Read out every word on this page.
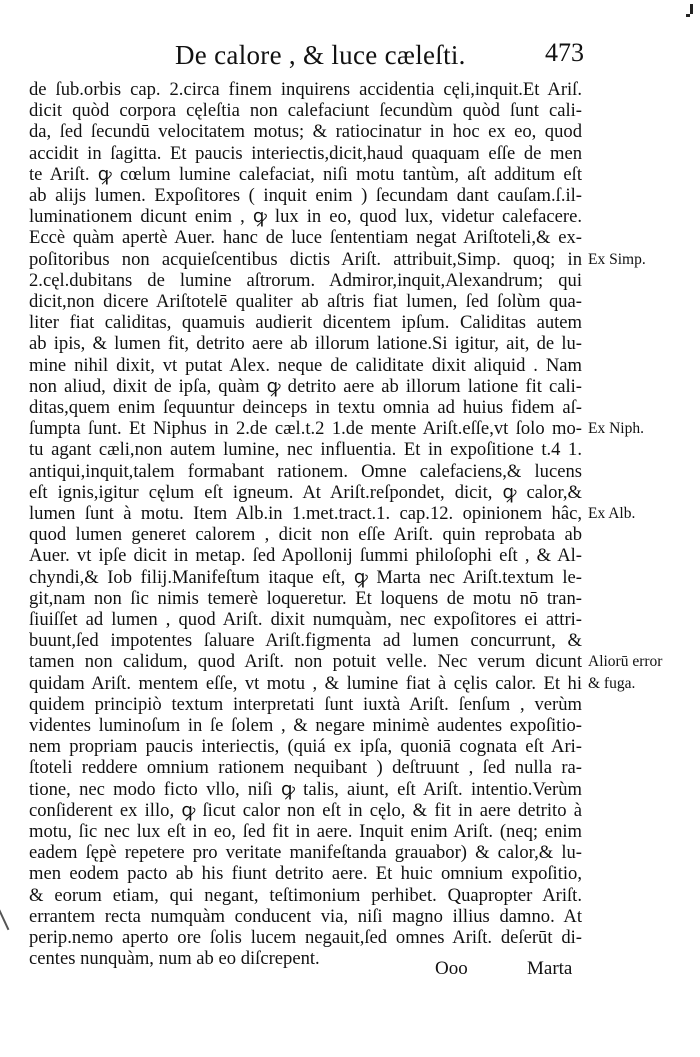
De calore , & luce cæleſti.	473
de ſub.orbis cap. 2.circa finem inquirens accidentia cęli,inquit.Et Ariſ.
dicit quòd corpora cęleſtia non calefaciunt ſecundùm quòd ſunt cali-
da, ſed ſecundū velocitatem motus; & ratiocinatur in hoc ex eo, quod
accidit in ſagitta. Et paucis interiectis,dicit,haud quaquam eſſe de men
te Ariſt. ꝙ cœlum lumine calefaciat, niſi motu tantùm, aſt additum eſt
ab alijs lumen. Expoſitores ( inquit enim ) ſecundam dant cauſam.ſ.il-
luminationem dicunt enim , ꝙ lux in eo, quod lux, videtur calefacere.
Eccè quàm apertè Auer. hanc de luce ſententiam negat Ariſtoteli,& ex-
poſitoribus non acquieſcentibus dictis Ariſt. attribuit,Simp. quoq; in
2.cęl.dubitans de lumine aſtrorum. Admiror,inquit,Alexandrum; qui
dicit,non dicere Ariſtotelē qualiter ab aſtris fiat lumen, ſed ſolùm qua-
liter fiat caliditas, quamuis audierit dicentem ipſum. Caliditas autem
ab ipis, & lumen fit, detrito aere ab illorum latione.Si igitur, ait, de lu-
mine nihil dixit, vt putat Alex. neque de caliditate dixit aliquid . Nam
non aliud, dixit de ipſa, quàm ꝙ detrito aere ab illorum latione fit cali-
ditas,quem enim ſequuntur deinceps in textu omnia ad huius fidem aſ-
ſumpta ſunt. Et Niphus in 2.de cæl.t.2 1.de mente Ariſt.eſſe,vt ſolo mo-
tu agant cæli,non autem lumine, nec influentia. Et in expoſitione t.4 1.
antiqui,inquit,talem formabant rationem. Omne calefaciens,& lucens
eſt ignis,igitur cęlum eſt igneum. At Ariſt.reſpondet, dicit, ꝙ calor,&
lumen ſunt à motu. Item Alb.in 1.met.tract.1. cap.12. opinionem hâc,
quod lumen generet calorem , dicit non eſſe Ariſt. quin reprobata ab
Auer. vt ipſe dicit in metap. ſed Apollonij ſummi philoſophi eſt , & Al-
chyndi,& Iob filij.Manifeſtum itaque eſt, ꝙ Marta nec Ariſt.textum le-
git,nam non ſic nimis temerè loqueretur. Et loquens de motu nō tran-
ſiuiſſet ad lumen , quod Ariſt. dixit numquàm, nec expoſitores ei attri-
buunt,ſed impotentes ſaluare Ariſt.figmenta ad lumen concurrunt, &
tamen non calidum, quod Ariſt. non potuit velle. Nec verum dicunt
quidam Ariſt. mentem eſſe, vt motu , & lumine fiat à cęlis calor. Et hi
quidem principiò textum interpretati ſunt iuxtà Ariſt. ſenſum , verùm
videntes luminoſum in ſe ſolem , & negare minimè audentes expoſitio-
nem propriam paucis interiectis, (quiá ex ipſa, quoniā cognata eſt Ari-
ſtoteli reddere omnium rationem nequibant ) deſtruunt , ſed nulla ra-
tione, nec modo ficto vllo, niſi ꝙ talis, aiunt, eſt Ariſt. intentio.Verùm
conſiderent ex illo, ꝙ ſicut calor non eſt in cęlo, & fit in aere detrito à
motu, ſic nec lux eſt in eo, ſed fit in aere. Inquit enim Ariſt. (neq; enim
eadem ſępè repetere pro veritate manifeſtanda grauabor) & calor,& lu-
men eodem pacto ab his fiunt detrito aere. Et huic omnium expoſitio,
& eorum etiam, qui negant, teſtimonium perhibet. Quapropter Ariſt.
errantem recta numquàm conducent via, niſi magno illius damno. At
perip.nemo aperto ore ſolis lucem negauit,ſed omnes Ariſt. deſerūt di-
centes nunquàm, num ab eo diſcrepent.
Ex Simp.
Ex Niph.
Ex Alb.
Aliorū error
& fuga.
Ooo	Marta
